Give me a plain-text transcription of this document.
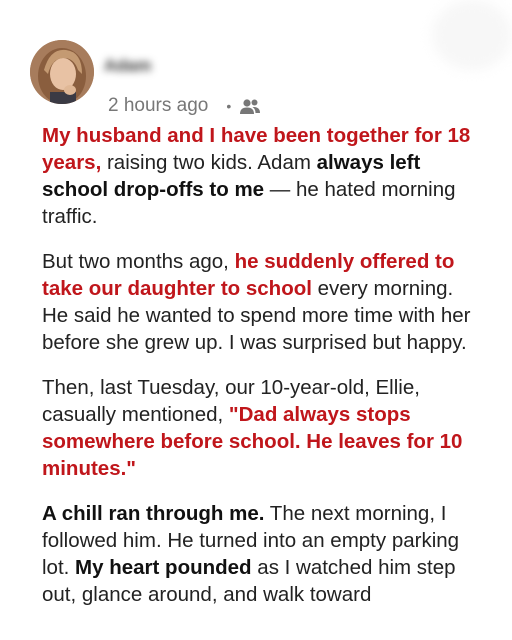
Adam
2 hours ago •

My husband and I have been together for 18 years, raising two kids. Adam always left school drop-offs to me — he hated morning traffic.

But two months ago, he suddenly offered to take our daughter to school every morning. He said he wanted to spend more time with her before she grew up. I was surprised but happy.

Then, last Tuesday, our 10-year-old, Ellie, casually mentioned, "Dad always stops somewhere before school. He leaves for 10 minutes."

A chill ran through me. The next morning, I followed him. He turned into an empty parking lot. My heart pounded as I watched him step out, glance around, and walk toward
